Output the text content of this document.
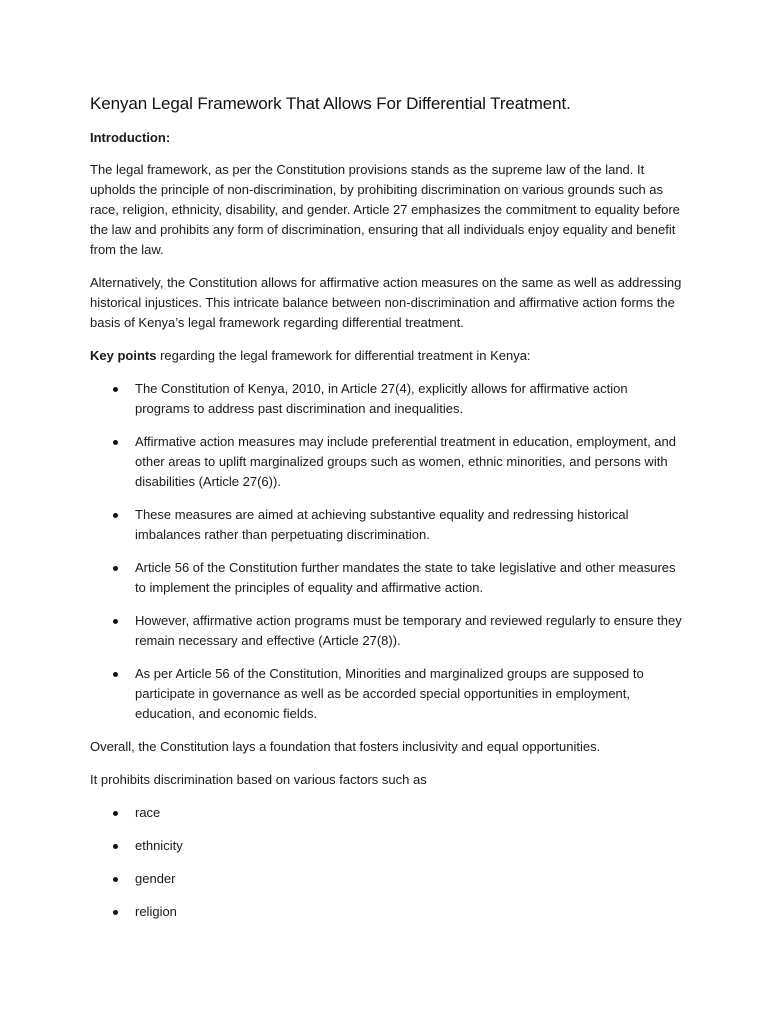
Kenyan Legal Framework That Allows For Differential Treatment.
Introduction:

The legal framework, as per the Constitution provisions stands as the supreme law of the land. It upholds the principle of non-discrimination, by prohibiting discrimination on various grounds such as race, religion, ethnicity, disability, and gender. Article 27 emphasizes the commitment to equality before the law and prohibits any form of discrimination, ensuring that all individuals enjoy equality and benefit from the law.

Alternatively, the Constitution allows for affirmative action measures on the same as well as addressing historical injustices. This intricate balance between non-discrimination and affirmative action forms the basis of Kenya’s legal framework regarding differential treatment.

Key points regarding the legal framework for differential treatment in Kenya:

The Constitution of Kenya, 2010, in Article 27(4), explicitly allows for affirmative action programs to address past discrimination and inequalities.
Affirmative action measures may include preferential treatment in education, employment, and other areas to uplift marginalized groups such as women, ethnic minorities, and persons with disabilities (Article 27(6)).
These measures are aimed at achieving substantive equality and redressing historical imbalances rather than perpetuating discrimination.
Article 56 of the Constitution further mandates the state to take legislative and other measures to implement the principles of equality and affirmative action.
However, affirmative action programs must be temporary and reviewed regularly to ensure they remain necessary and effective (Article 27(8)).
As per Article 56 of the Constitution, Minorities and marginalized groups are supposed to participate in governance as well as be accorded special opportunities in employment, education, and economic fields.

Overall, the Constitution lays a foundation that fosters inclusivity and equal opportunities.

It prohibits discrimination based on various factors such as

race
ethnicity
gender
religion
